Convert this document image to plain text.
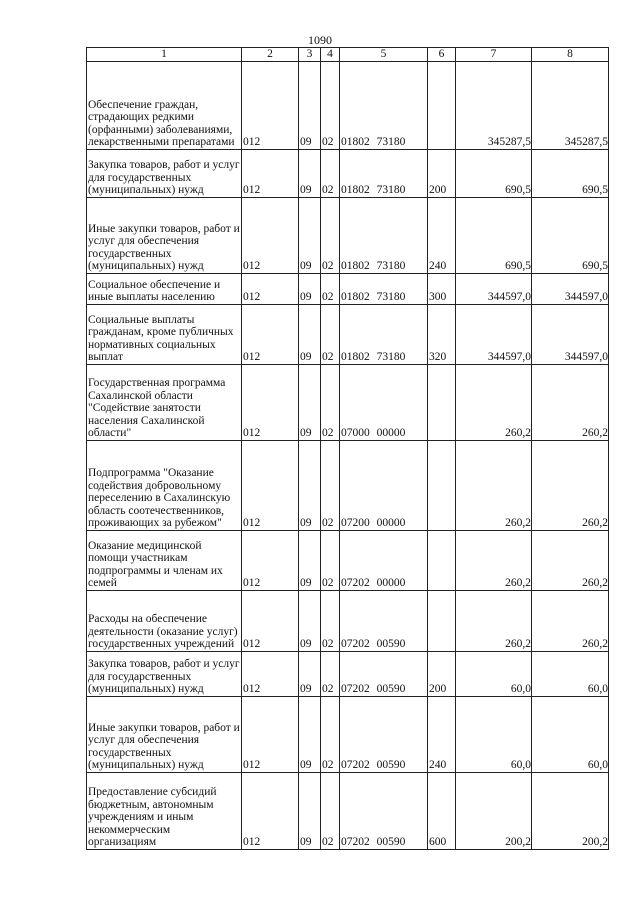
1090
1	2	3	4	5	6	7	8
Обеспечение граждан, страдающих редкими (орфанными) заболеваниями, лекарственными препаратами	012	09	02	01802 73180		345287,5	345287,5
Закупка товаров, работ и услуг для государственных (муниципальных) нужд	012	09	02	01802 73180	200	690,5	690,5
Иные закупки товаров, работ и услуг для обеспечения государственных (муниципальных) нужд	012	09	02	01802 73180	240	690,5	690,5
Социальное обеспечение и иные выплаты населению	012	09	02	01802 73180	300	344597,0	344597,0
Социальные выплаты гражданам, кроме публичных нормативных социальных выплат	012	09	02	01802 73180	320	344597,0	344597,0
Государственная программа Сахалинской области "Содействие занятости населения Сахалинской области"	012	09	02	07000 00000		260,2	260,2
Подпрограмма "Оказание содействия добровольному переселению в Сахалинскую область соотечественников, проживающих за рубежом"	012	09	02	07200 00000		260,2	260,2
Оказание медицинской помощи участникам подпрограммы и членам их семей	012	09	02	07202 00000		260,2	260,2
Расходы на обеспечение деятельности (оказание услуг) государственных учреждений	012	09	02	07202 00590		260,2	260,2
Закупка товаров, работ и услуг для государственных (муниципальных) нужд	012	09	02	07202 00590	200	60,0	60,0
Иные закупки товаров, работ и услуг для обеспечения государственных (муниципальных) нужд	012	09	02	07202 00590	240	60,0	60,0
Предоставление субсидий бюджетным, автономным учреждениям и иным некоммерческим организациям	012	09	02	07202 00590	600	200,2	200,2
